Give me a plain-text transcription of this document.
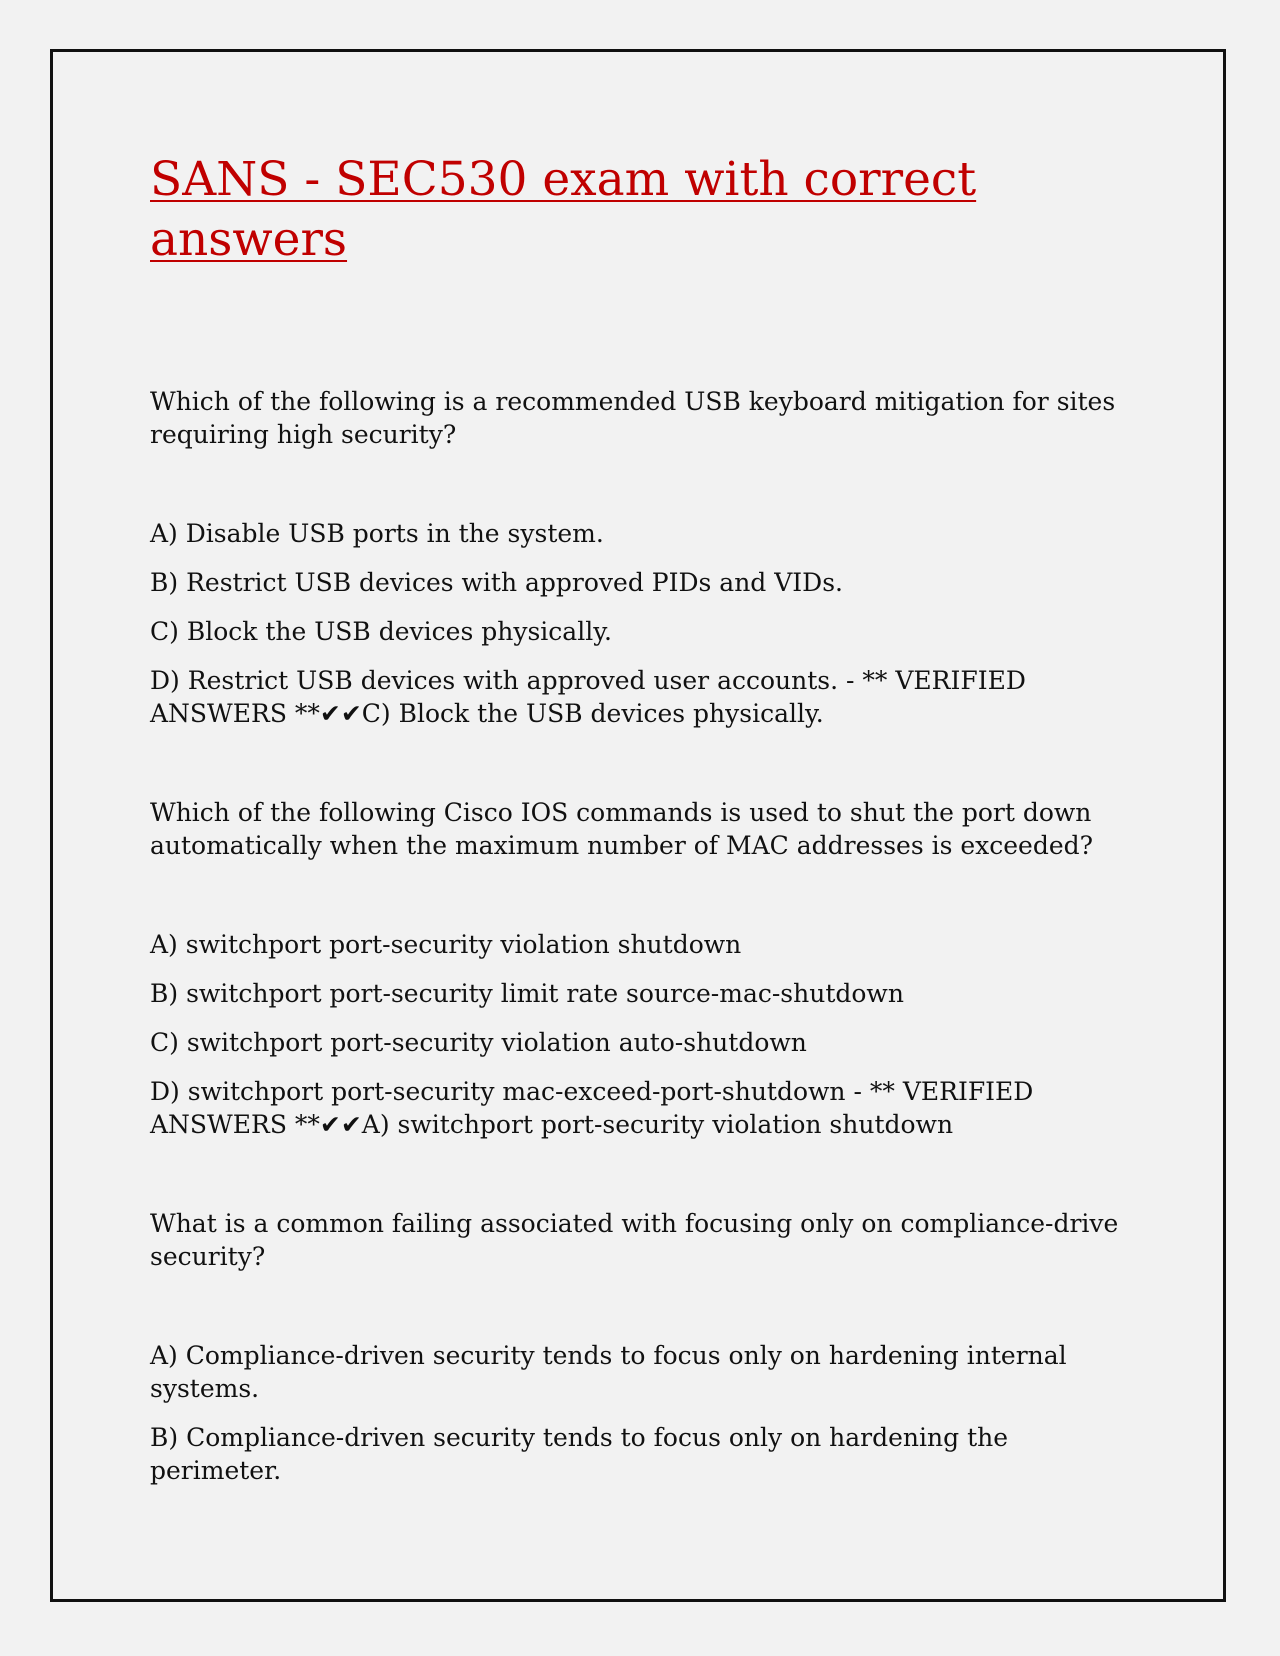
SANS - SEC530 exam with correct answers

Which of the following is a recommended USB keyboard mitigation for sites requiring high security?

A) Disable USB ports in the system.
B) Restrict USB devices with approved PIDs and VIDs.
C) Block the USB devices physically.
D) Restrict USB devices with approved user accounts. - ** VERIFIED ANSWERS **✔✔C) Block the USB devices physically.

Which of the following Cisco IOS commands is used to shut the port down automatically when the maximum number of MAC addresses is exceeded?

A) switchport port-security violation shutdown
B) switchport port-security limit rate source-mac-shutdown
C) switchport port-security violation auto-shutdown
D) switchport port-security mac-exceed-port-shutdown - ** VERIFIED ANSWERS **✔✔A) switchport port-security violation shutdown

What is a common failing associated with focusing only on compliance-drive security?

A) Compliance-driven security tends to focus only on hardening internal systems.
B) Compliance-driven security tends to focus only on hardening the perimeter.
